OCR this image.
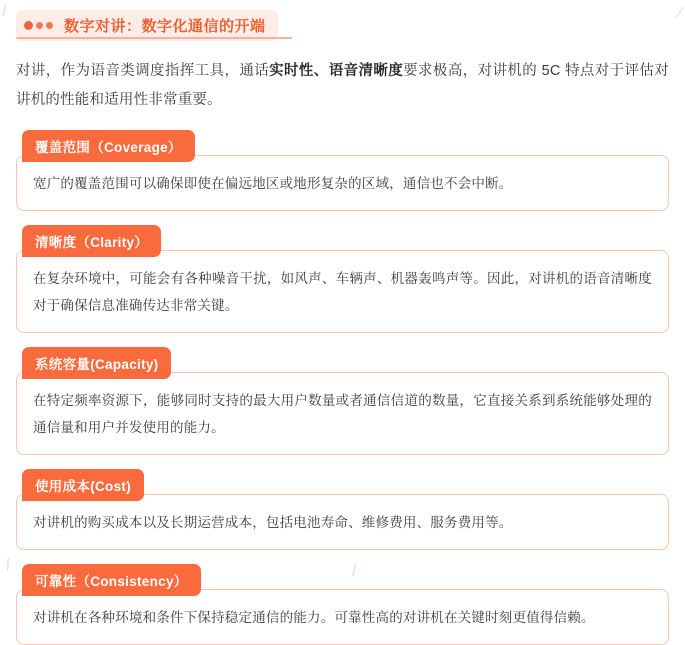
/	/
/	/
数字对讲：数字化通信的开端

对讲，作为语音类调度指挥工具，通话实时性、语音清晰度要求极高，对讲机的 5C 特点对于评估对讲机的性能和适用性非常重要。

覆盖范围（Coverage）
宽广的覆盖范围可以确保即使在偏远地区或地形复杂的区域，通信也不会中断。
清晰度（Clarity）
在复杂环境中，可能会有各种噪音干扰，如风声、车辆声、机器轰鸣声等。因此，对讲机的语音清晰度对于确保信息准确传达非常关键。
系统容量(Capacity)
在特定频率资源下，能够同时支持的最大用户数量或者通信信道的数量，它直接关系到系统能够处理的通信量和用户并发使用的能力。
使用成本(Cost)
对讲机的购买成本以及长期运营成本，包括电池寿命、维修费用、服务费用等。
可靠性（Consistency）
对讲机在各种环境和条件下保持稳定通信的能力。可靠性高的对讲机在关键时刻更值得信赖。
